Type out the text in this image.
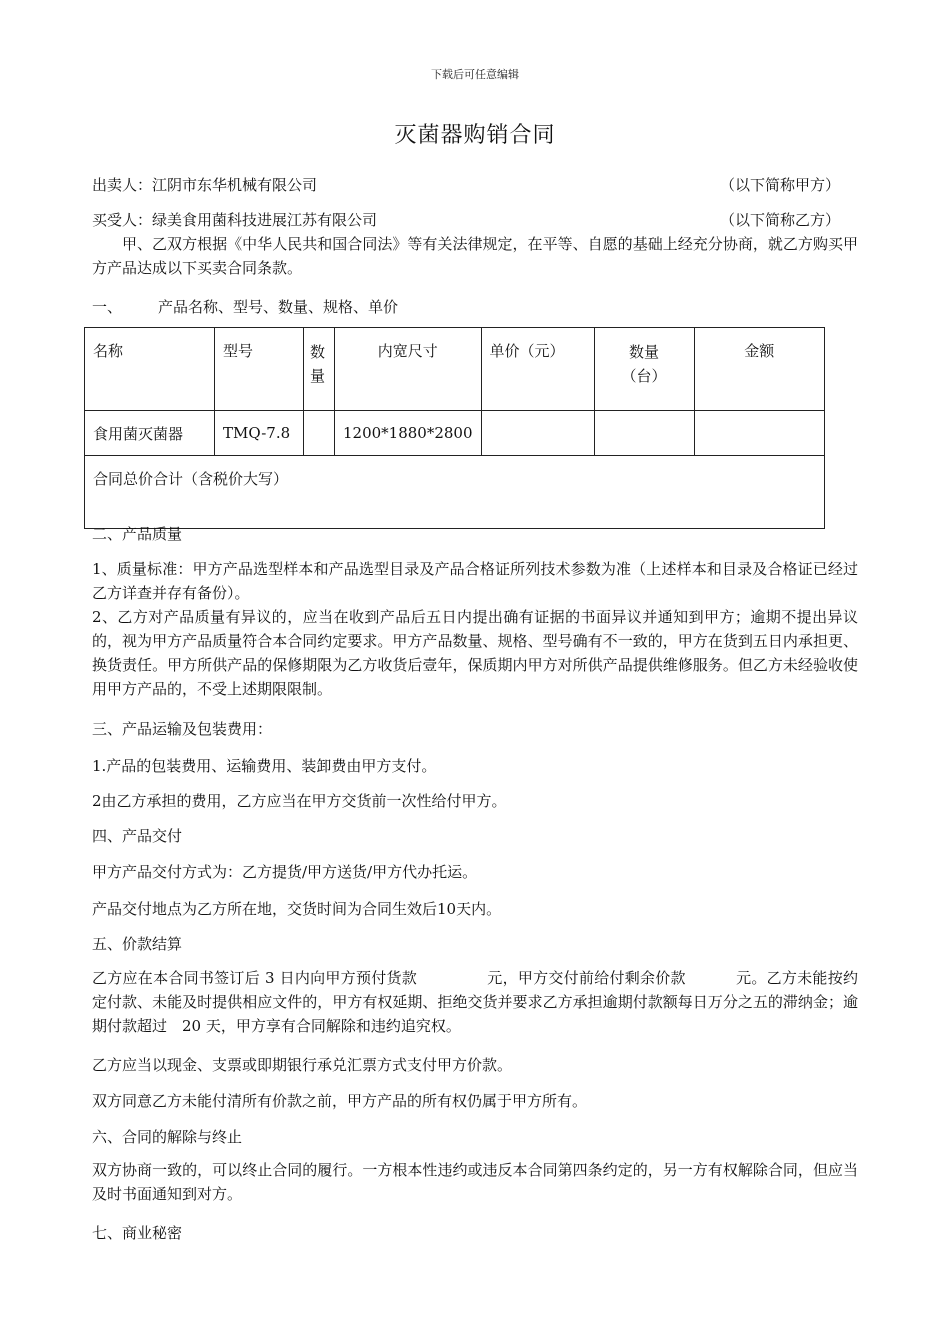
下载后可任意编辑
灭菌器购销合同
出卖人：江阴市东华机械有限公司	（以下简称甲方）
买受人：绿美食用菌科技进展江苏有限公司	（以下简称乙方）
甲、乙双方根据《中华人民共和国合同法》等有关法律规定，在平等、自愿的基础上经充分协商，就乙方购买甲方产品达成以下买卖合同条款。
一、 产品名称、型号、数量、规格、单价
名称	型号	数量	内宽尺寸	单价（元）	数量（台）	金额
食用菌灭菌器	TMQ-7.8		1200*1880*2800			
合同总价合计（含税价大写）						
二、产品质量
1、质量标准：甲方产品选型样本和产品选型目录及产品合格证所列技术参数为准（上述样本和目录及合格证已经过乙方详查并存有备份）。
2、乙方对产品质量有异议的，应当在收到产品后五日内提出确有证据的书面异议并通知到甲方；逾期不提出异议的，视为甲方产品质量符合本合同约定要求。甲方产品数量、规格、型号确有不一致的，甲方在货到五日内承担更、换货责任。甲方所供产品的保修期限为乙方收货后壹年，保质期内甲方对所供产品提供维修服务。但乙方未经验收使用甲方产品的，不受上述期限限制。
三、产品运输及包装费用：
1.产品的包装费用、运输费用、装卸费由甲方支付。
2由乙方承担的费用，乙方应当在甲方交货前一次性给付甲方。
四、产品交付
甲方产品交付方式为：乙方提货/甲方送货/甲方代办托运。
产品交付地点为乙方所在地，交货时间为合同生效后10天内。
五、价款结算
乙方应在本合同书签订后 3 日内向甲方预付货款	元，甲方交付前给付剩余价款	元。乙方未能按约定付款、未能及时提供相应文件的，甲方有权延期、拒绝交货并要求乙方承担逾期付款额每日万分之五的滞纳金；逾期付款超过　20 天，甲方享有合同解除和违约追究权。
乙方应当以现金、支票或即期银行承兑汇票方式支付甲方价款。
双方同意乙方未能付清所有价款之前，甲方产品的所有权仍属于甲方所有。
六、合同的解除与终止
双方协商一致的，可以终止合同的履行。一方根本性违约或违反本合同第四条约定的，另一方有权解除合同，但应当及时书面通知到对方。
七、商业秘密
